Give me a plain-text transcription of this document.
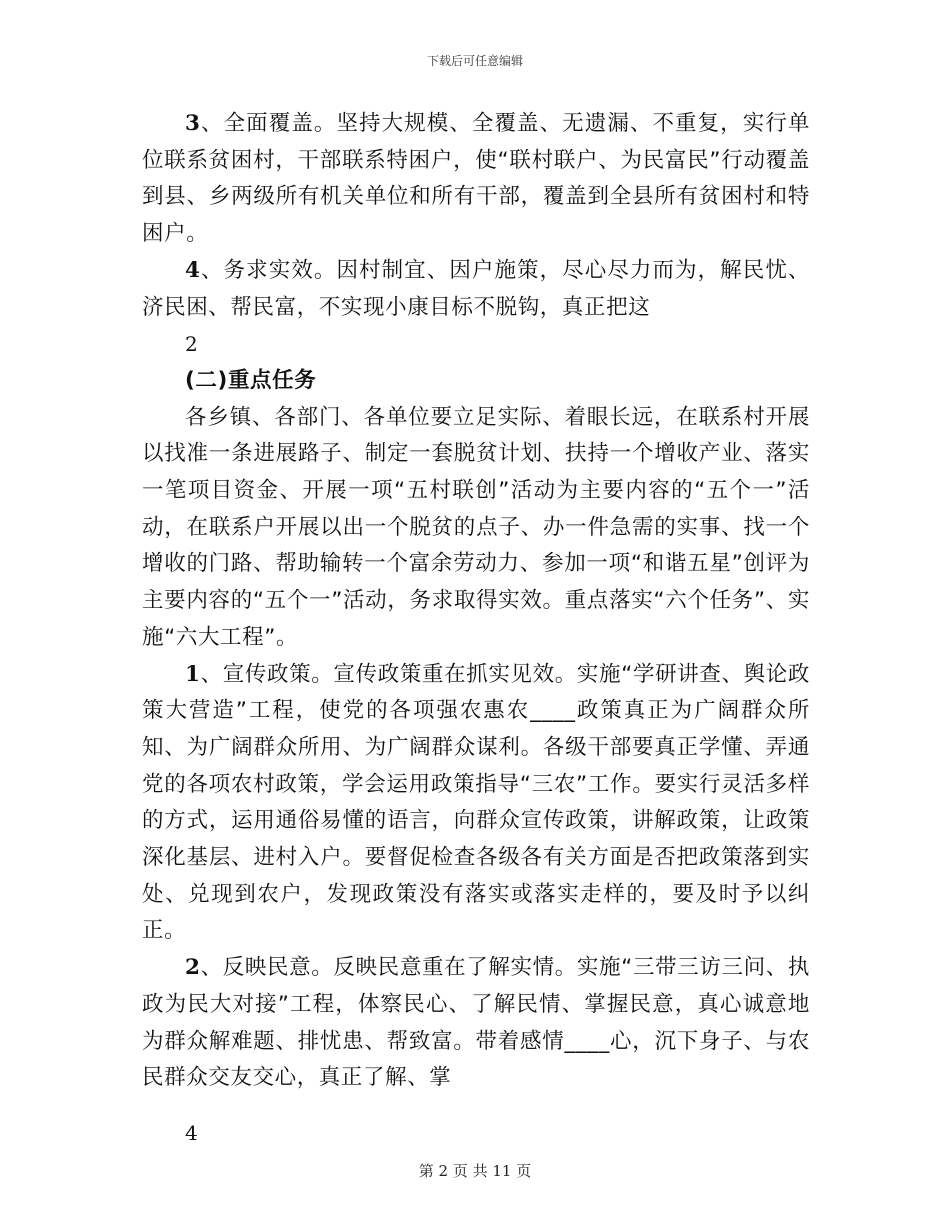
下载后可任意编辑

3、全面覆盖。坚持大规模、全覆盖、无遗漏、不重复，实行单位联系贫困村，干部联系特困户，使“联村联户、为民富民”行动覆盖到县、乡两级所有机关单位和所有干部，覆盖到全县所有贫困村和特困户。

4、务求实效。因村制宜、因户施策，尽心尽力而为，解民忧、济民困、帮民富，不实现小康目标不脱钩，真正把这

2

(二)重点任务

各乡镇、各部门、各单位要立足实际、着眼长远，在联系村开展以找准一条进展路子、制定一套脱贫计划、扶持一个增收产业、落实一笔项目资金、开展一项“五村联创”活动为主要内容的“五个一”活动，在联系户开展以出一个脱贫的点子、办一件急需的实事、找一个增收的门路、帮助输转一个富余劳动力、参加一项“和谐五星”创评为主要内容的“五个一”活动，务求取得实效。重点落实“六个任务”、实施“六大工程”。

1、宣传政策。宣传政策重在抓实见效。实施“学研讲查、舆论政策大营造”工程，使党的各项强农惠农____政策真正为广阔群众所知、为广阔群众所用、为广阔群众谋利。各级干部要真正学懂、弄通党的各项农村政策，学会运用政策指导“三农”工作。要实行灵活多样的方式，运用通俗易懂的语言，向群众宣传政策，讲解政策，让政策深化基层、进村入户。要督促检查各级各有关方面是否把政策落到实处、兑现到农户，发现政策没有落实或落实走样的，要及时予以纠正。

2、反映民意。反映民意重在了解实情。实施“三带三访三问、执政为民大对接”工程，体察民心、了解民情、掌握民意，真心诚意地为群众解难题、排忧患、帮致富。带着感情____心，沉下身子、与农民群众交友交心，真正了解、掌

4

第 2 页 共 11 页
